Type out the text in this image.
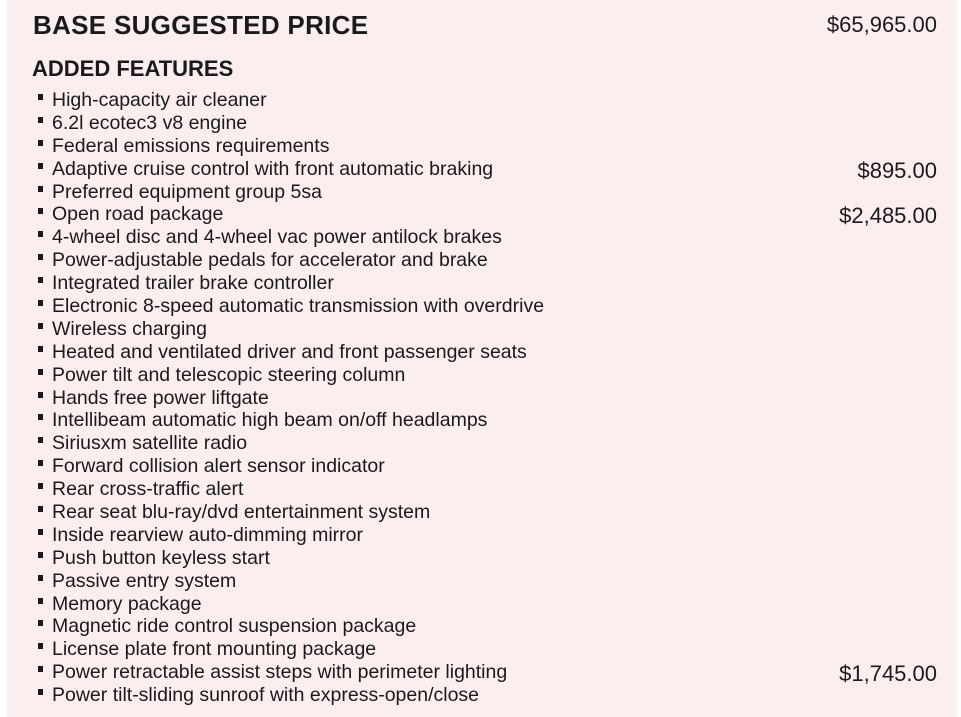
BASE SUGGESTED PRICE	$65,965.00
ADDED FEATURES
High-capacity air cleaner
6.2l ecotec3 v8 engine
Federal emissions requirements
Adaptive cruise control with front automatic braking	$895.00
Preferred equipment group 5sa
Open road package	$2,485.00
4-wheel disc and 4-wheel vac power antilock brakes
Power-adjustable pedals for accelerator and brake
Integrated trailer brake controller
Electronic 8-speed automatic transmission with overdrive
Wireless charging
Heated and ventilated driver and front passenger seats
Power tilt and telescopic steering column
Hands free power liftgate
Intellibeam automatic high beam on/off headlamps
Siriusxm satellite radio
Forward collision alert sensor indicator
Rear cross-traffic alert
Rear seat blu-ray/dvd entertainment system
Inside rearview auto-dimming mirror
Push button keyless start
Passive entry system
Memory package
Magnetic ride control suspension package
License plate front mounting package
Power retractable assist steps with perimeter lighting	$1,745.00
Power tilt-sliding sunroof with express-open/close
